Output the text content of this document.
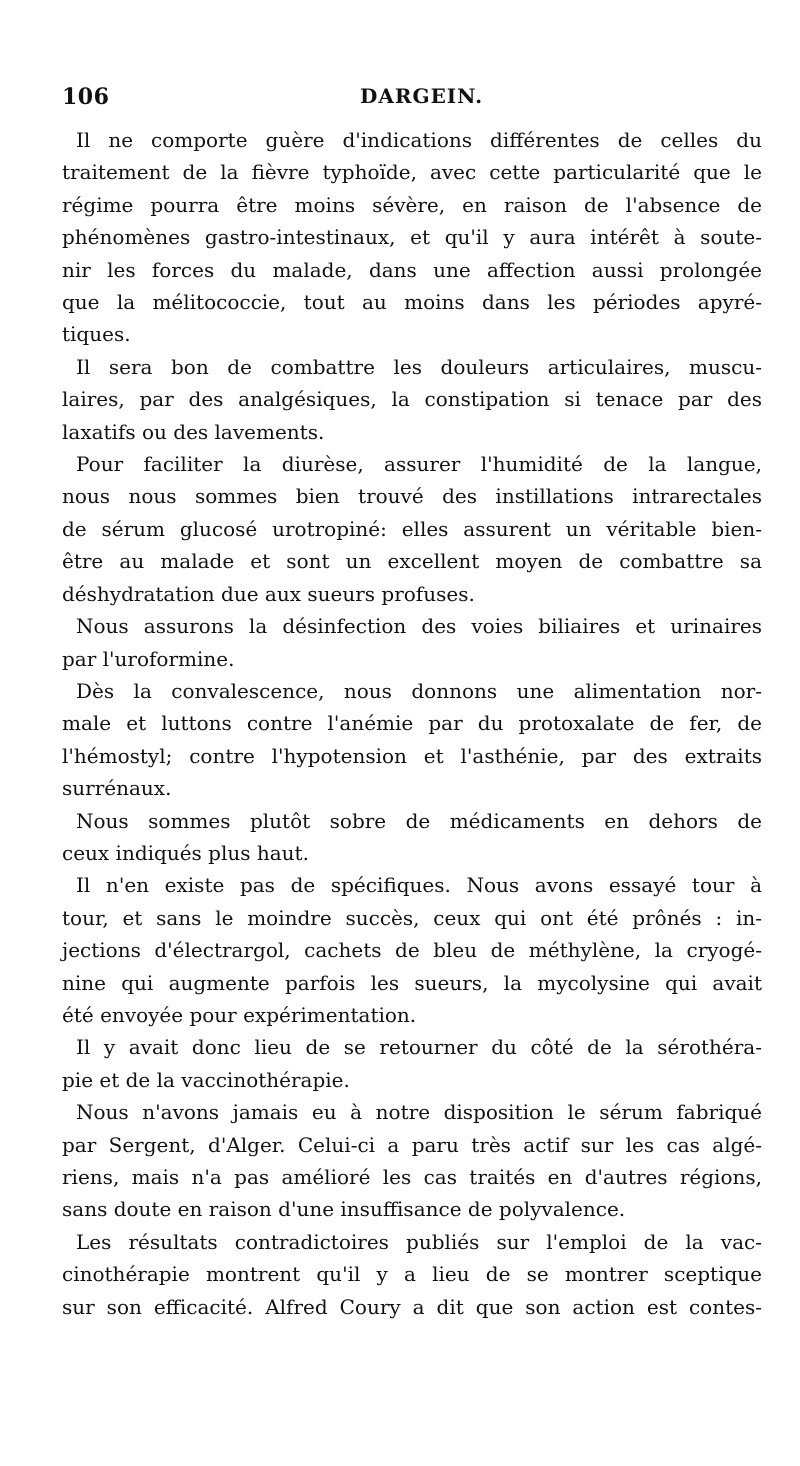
106	DARGEIN.

Il ne comporte guère d'indications différentes de celles du
traitement de la fièvre typhoïde, avec cette particularité que le
régime pourra être moins sévère, en raison de l'absence de
phénomènes gastro-intestinaux, et qu'il y aura intérêt à soute-
nir les forces du malade, dans une affection aussi prolongée
que la mélitococcie, tout au moins dans les périodes apyré-
tiques.

Il sera bon de combattre les douleurs articulaires, muscu-
laires, par des analgésiques, la constipation si tenace par des
laxatifs ou des lavements.

Pour faciliter la diurèse, assurer l'humidité de la langue,
nous nous sommes bien trouvé des instillations intrarectales
de sérum glucosé urotropiné: elles assurent un véritable bien-
être au malade et sont un excellent moyen de combattre sa
déshydratation due aux sueurs profuses.

Nous assurons la désinfection des voies biliaires et urinaires
par l'uroformine.

Dès la convalescence, nous donnons une alimentation nor-
male et luttons contre l'anémie par du protoxalate de fer, de
l'hémostyl; contre l'hypotension et l'asthénie, par des extraits
surrénaux.

Nous sommes plutôt sobre de médicaments en dehors de
ceux indiqués plus haut.

Il n'en existe pas de spécifiques. Nous avons essayé tour à
tour, et sans le moindre succès, ceux qui ont été prônés : in-
jections d'électrargol, cachets de bleu de méthylène, la cryogé-
nine qui augmente parfois les sueurs, la mycolysine qui avait
été envoyée pour expérimentation.

Il y avait donc lieu de se retourner du côté de la sérothéra-
pie et de la vaccinothérapie.

Nous n'avons jamais eu à notre disposition le sérum fabriqué
par Sergent, d'Alger. Celui-ci a paru très actif sur les cas algé-
riens, mais n'a pas amélioré les cas traités en d'autres régions,
sans doute en raison d'une insuffisance de polyvalence.

Les résultats contradictoires publiés sur l'emploi de la vac-
cinothérapie montrent qu'il y a lieu de se montrer sceptique
sur son efficacité. Alfred Coury a dit que son action est contes-
